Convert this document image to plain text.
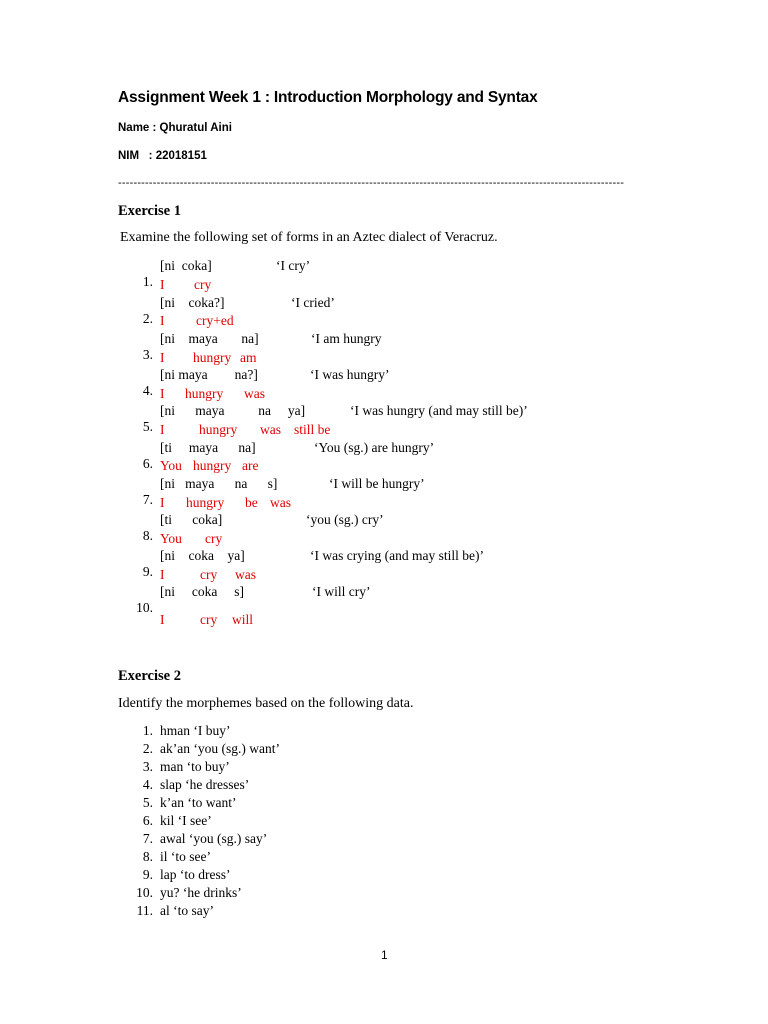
Assignment Week 1 : Introduction Morphology and Syntax
Name : Qhuratul Aini
NIM   : 22018151
-----------------------------------------------------------------------------------------------------------------------------------
Exercise 1
Examine the following set of forms in an Aztec dialect of Veracruz.

1.

[ni  coka]

	‘I cry’

I cry

2.

[ni    coka?]

	‘I cried’

I cry+ed

3.

[ni    maya       na]

	‘I am hungry

I hungry am

4.

[ni maya        na?]

	‘I was hungry’

I hungry was

5.

[ni      maya          na     ya]

	‘I was hungry (and may still be)’

I	hungry was still be

6.

[ti     maya      na]

	‘You (sg.) are hungry’

You hungry are

7.

[ni   maya      na      s]

	‘I will be hungry’

I hungry be was

8.

[ti      coka]

	‘you (sg.) cry’

You cry

9.

[ni    coka    ya]

	‘I was crying (and may still be)’

I	cry was

10.

[ni     coka     s]

	‘I will cry’

I	cry will
Exercise 2
Identify the morphemes based on the following data.
1. hman ‘I buy’
2. ak’an ‘you (sg.) want’
3. man ‘to buy’
4. slap ‘he dresses’
5. k’an ‘to want’
6. kil ‘I see’
7. awal ‘you (sg.) say’
8. il ‘to see’
9. lap ‘to dress’
10. yu? ‘he drinks’
11. al ‘to say’
1
